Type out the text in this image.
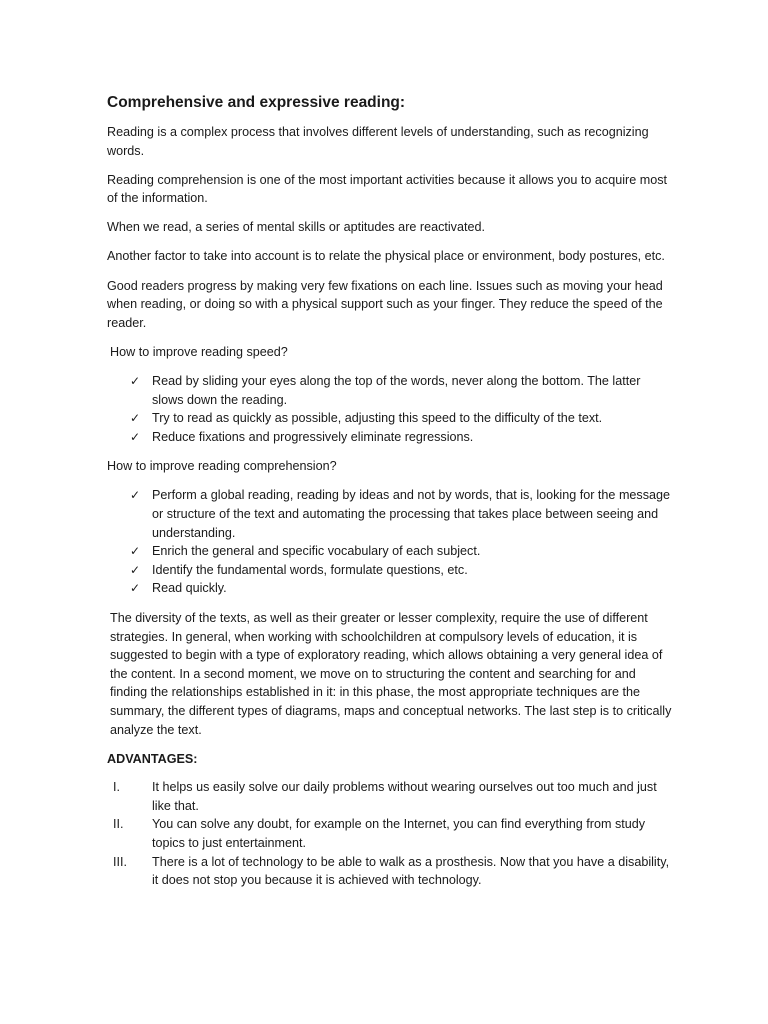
Comprehensive and expressive reading:

Reading is a complex process that involves different levels of understanding, such as recognizing words.

Reading comprehension is one of the most important activities because it allows you to acquire most of the information.

When we read, a series of mental skills or aptitudes are reactivated.

Another factor to take into account is to relate the physical place or environment, body postures, etc.

Good readers progress by making very few fixations on each line. Issues such as moving your head when reading, or doing so with a physical support such as your finger. They reduce the speed of the reader.

How to improve reading speed?

✓ Read by sliding your eyes along the top of the words, never along the bottom. The latter slows down the reading.
✓ Try to read as quickly as possible, adjusting this speed to the difficulty of the text.
✓ Reduce fixations and progressively eliminate regressions.

How to improve reading comprehension?

✓ Perform a global reading, reading by ideas and not by words, that is, looking for the message or structure of the text and automating the processing that takes place between seeing and understanding.
✓ Enrich the general and specific vocabulary of each subject.
✓ Identify the fundamental words, formulate questions, etc.
✓ Read quickly.

The diversity of the texts, as well as their greater or lesser complexity, require the use of different strategies. In general, when working with schoolchildren at compulsory levels of education, it is suggested to begin with a type of exploratory reading, which allows obtaining a very general idea of the content. In a second moment, we move on to structuring the content and searching for and finding the relationships established in it: in this phase, the most appropriate techniques are the summary, the different types of diagrams, maps and conceptual networks. The last step is to critically analyze the text.

ADVANTAGES:

I.	It helps us easily solve our daily problems without wearing ourselves out too much and just like that.
II.	You can solve any doubt, for example on the Internet, you can find everything from study topics to just entertainment.
III.	There is a lot of technology to be able to walk as a prosthesis. Now that you have a disability, it does not stop you because it is achieved with technology.
